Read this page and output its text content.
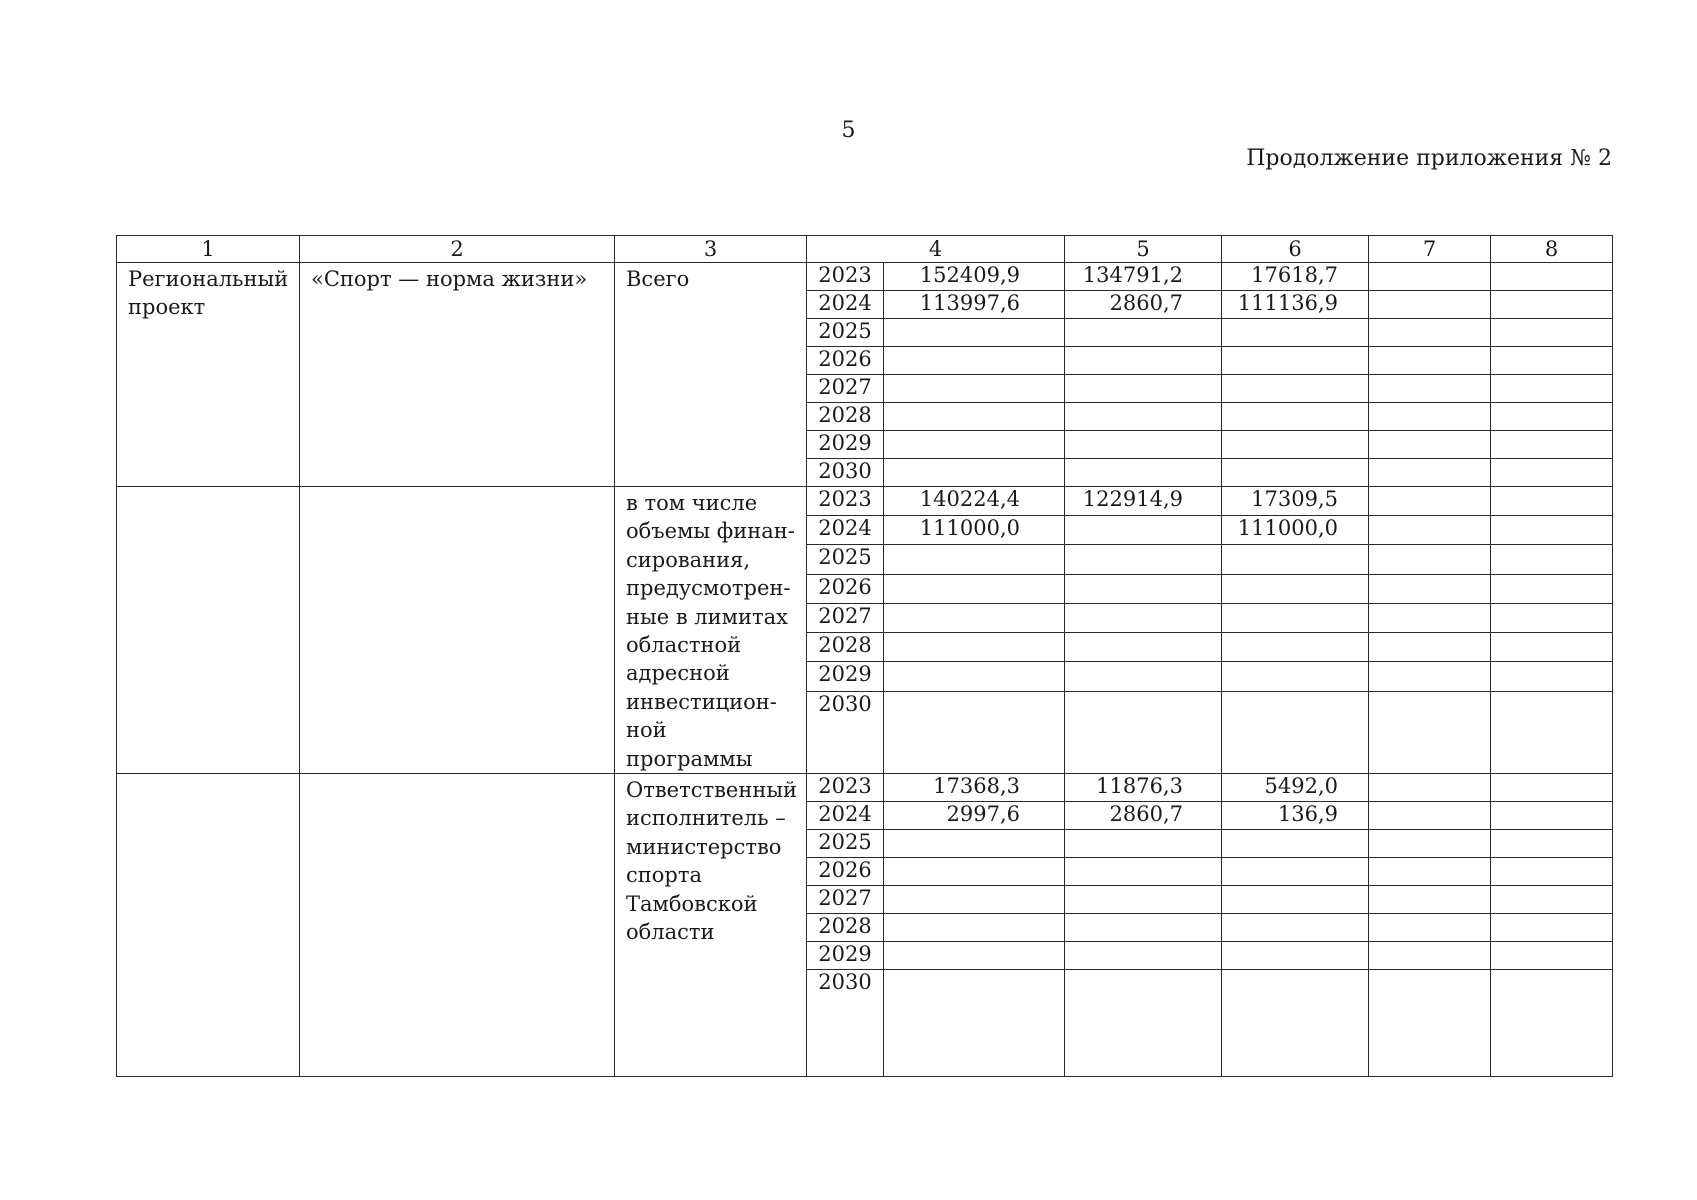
5
Продолжение приложения № 2
1	2	3	4		5	6	7	8
Региональный проект	«Спорт — норма жизни»	Всего	2023	152409,9	134791,2	17618,7		
			2024	113997,6	2860,7	111136,9		
			2025					
			2026					
			2027					
			2028					
			2029					
			2030					
		в том числе объемы финан-сирования, предусмотрен-ные в лимитах областной адресной инвестицион-ной программы	2023	140224,4	122914,9	17309,5		
			2024	111000,0		111000,0		
			2025					
			2026					
			2027					
			2028					
			2029					
			2030					
		Ответственный исполнитель – министерство спорта Тамбовской области	2023	17368,3	11876,3	5492,0		
			2024	2997,6	2860,7	136,9		
			2025					
			2026					
			2027					
			2028					
			2029					
			2030					
